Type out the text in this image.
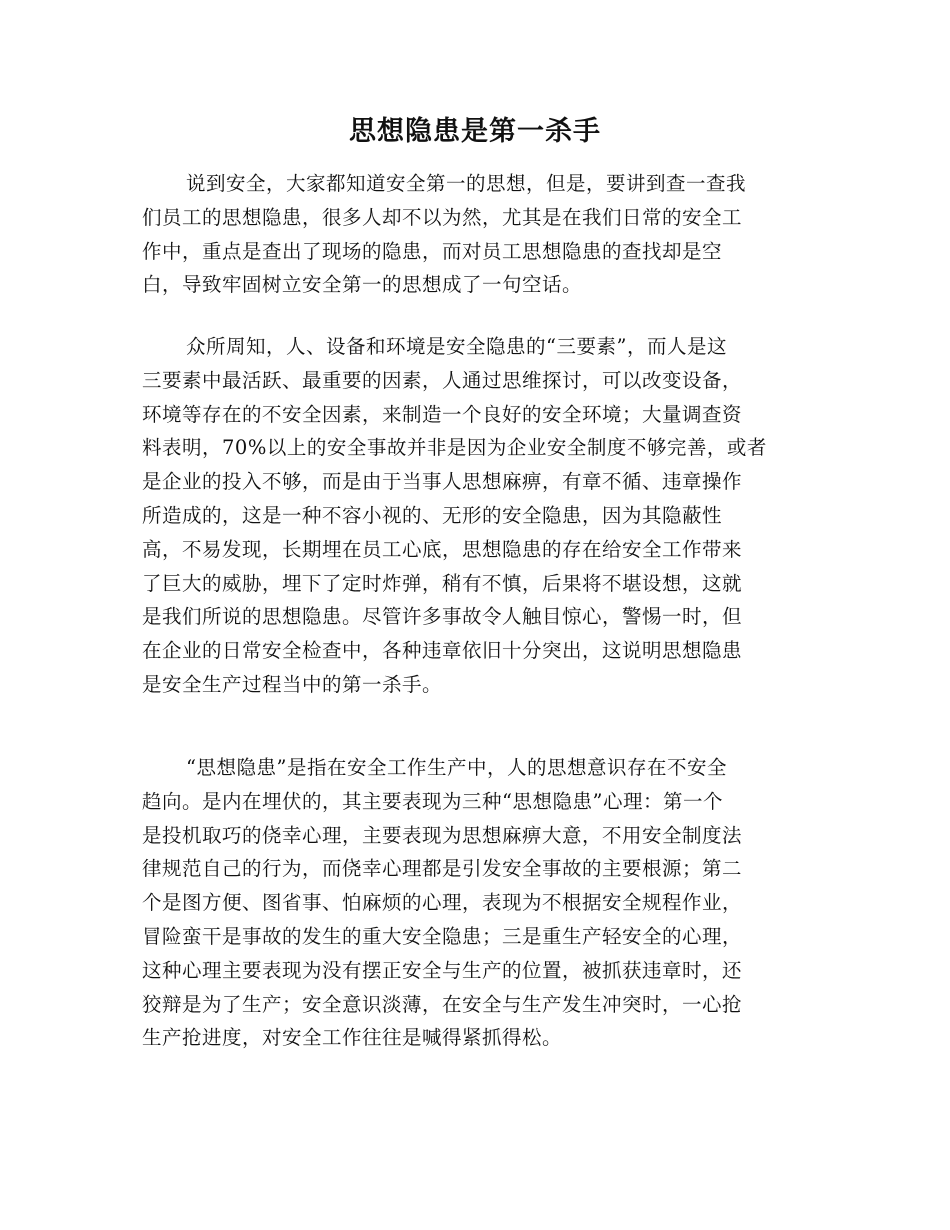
思想隐患是第一杀手

说到安全，大家都知道安全第一的思想，但是，要讲到查一查我
们员工的思想隐患，很多人却不以为然，尤其是在我们日常的安全工
作中，重点是查出了现场的隐患，而对员工思想隐患的查找却是空
白，导致牢固树立安全第一的思想成了一句空话。

众所周知，人、设备和环境是安全隐患的“三要素”，而人是这
三要素中最活跃、最重要的因素，人通过思维探讨，可以改变设备，
环境等存在的不安全因素，来制造一个良好的安全环境；大量调查资
料表明，70%以上的安全事故并非是因为企业安全制度不够完善，或者
是企业的投入不够，而是由于当事人思想麻痹，有章不循、违章操作
所造成的，这是一种不容小视的、无形的安全隐患，因为其隐蔽性
高，不易发现，长期埋在员工心底，思想隐患的存在给安全工作带来
了巨大的威胁，埋下了定时炸弹，稍有不慎，后果将不堪设想，这就
是我们所说的思想隐患。尽管许多事故令人触目惊心，警惕一时，但
在企业的日常安全检查中，各种违章依旧十分突出，这说明思想隐患
是安全生产过程当中的第一杀手。

“思想隐患”是指在安全工作生产中，人的思想意识存在不安全
趋向。是内在埋伏的，其主要表现为三种“思想隐患”心理：第一个
是投机取巧的侥幸心理，主要表现为思想麻痹大意，不用安全制度法
律规范自己的行为，而侥幸心理都是引发安全事故的主要根源；第二
个是图方便、图省事、怕麻烦的心理，表现为不根据安全规程作业，
冒险蛮干是事故的发生的重大安全隐患；三是重生产轻安全的心理，
这种心理主要表现为没有摆正安全与生产的位置，被抓获违章时，还
狡辩是为了生产；安全意识淡薄，在安全与生产发生冲突时，一心抢
生产抢进度，对安全工作往往是喊得紧抓得松。
